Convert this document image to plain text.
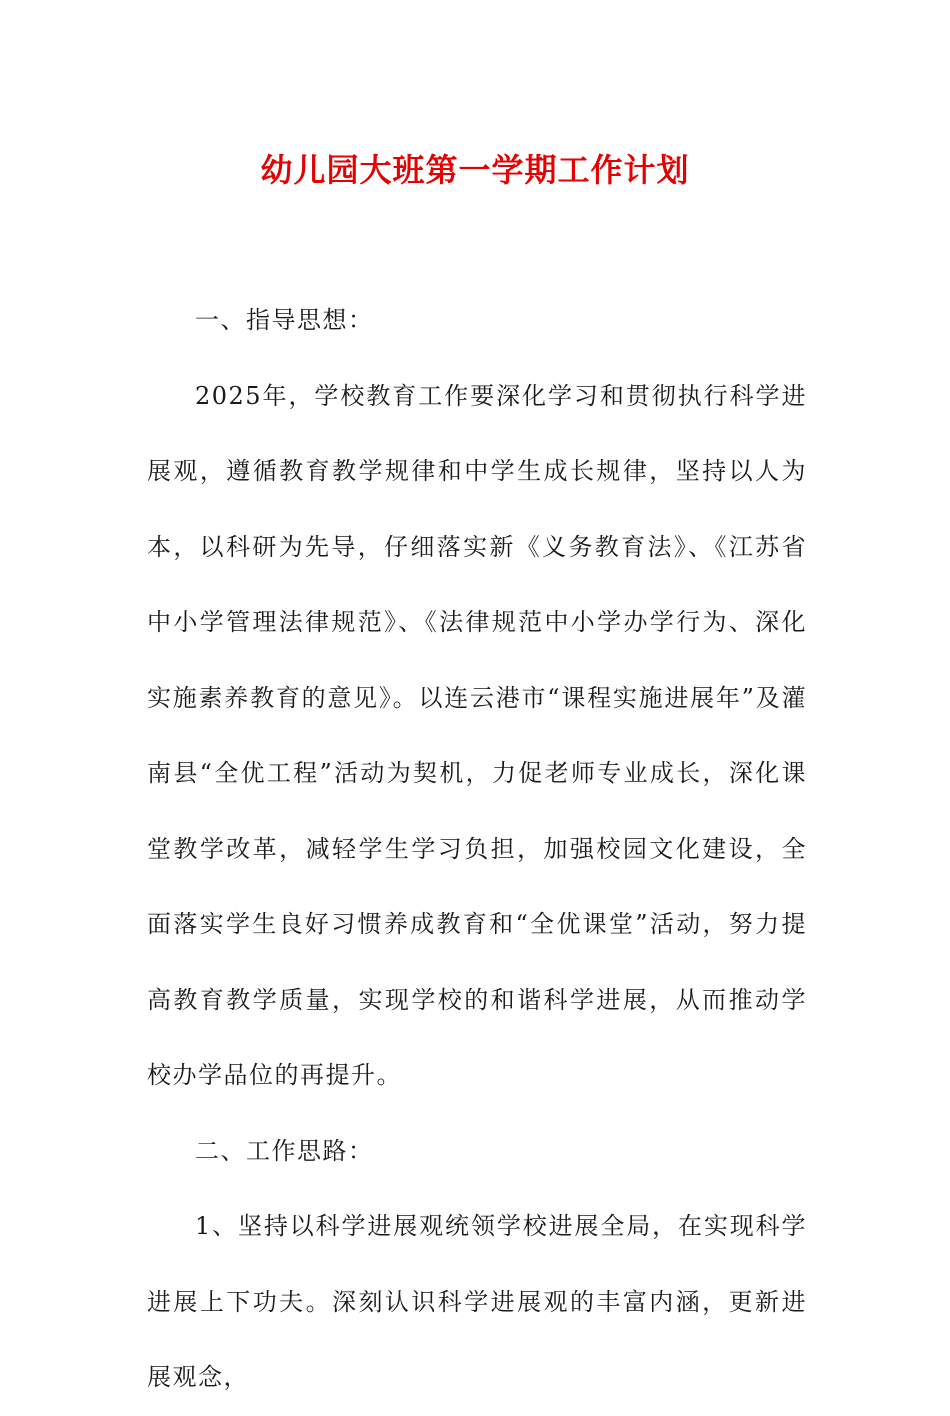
幼儿园大班第一学期工作计划

一、指导思想：

2025年，学校教育工作要深化学习和贯彻执行科学进展观，遵循教育教学规律和中学生成长规律，坚持以人为本，以科研为先导，仔细落实新《义务教育法》、《江苏省中小学管理法律规范》、《法律规范中小学办学行为、深化实施素养教育的意见》。以连云港市“课程实施进展年”及灌南县“全优工程”活动为契机，力促老师专业成长，深化课堂教学改革，减轻学生学习负担，加强校园文化建设，全面落实学生良好习惯养成教育和“全优课堂”活动，努力提高教育教学质量，实现学校的和谐科学进展，从而推动学校办学品位的再提升。

二、工作思路：

1、坚持以科学进展观统领学校进展全局，在实现科学进展上下功夫。深刻认识科学进展观的丰富内涵，更新进展观念，
